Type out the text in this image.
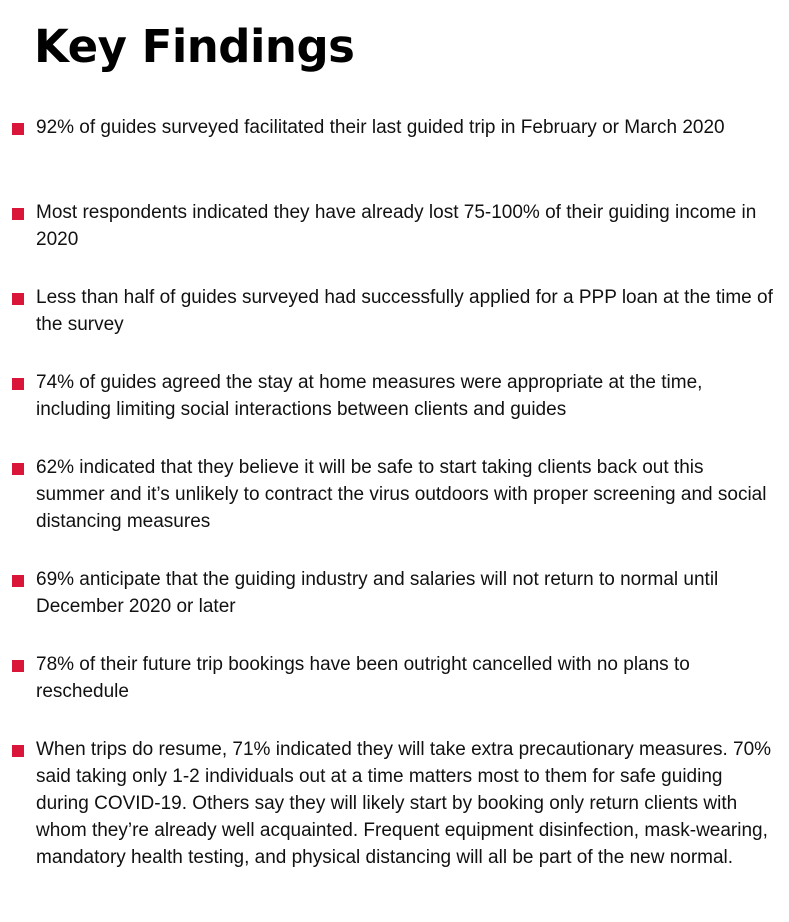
Key Findings

92% of guides surveyed facilitated their last guided trip in February or March 2020

Most respondents indicated they have already lost 75-100% of their guiding income in 2020

Less than half of guides surveyed had successfully applied for a PPP loan at the time of the survey

74% of guides agreed the stay at home measures were appropriate at the time, including limiting social interactions between clients and guides

62% indicated that they believe it will be safe to start taking clients back out this summer and it’s unlikely to contract the virus outdoors with proper screening and social distancing measures

69% anticipate that the guiding industry and salaries will not return to normal until December 2020 or later

78% of their future trip bookings have been outright cancelled with no plans to reschedule

When trips do resume, 71% indicated they will take extra precautionary measures. 70% said taking only 1-2 individuals out at a time matters most to them for safe guiding during COVID-19. Others say they will likely start by booking only return clients with whom they’re already well acquainted. Frequent equipment disinfection, mask-wearing, mandatory health testing, and physical distancing will all be part of the new normal.
